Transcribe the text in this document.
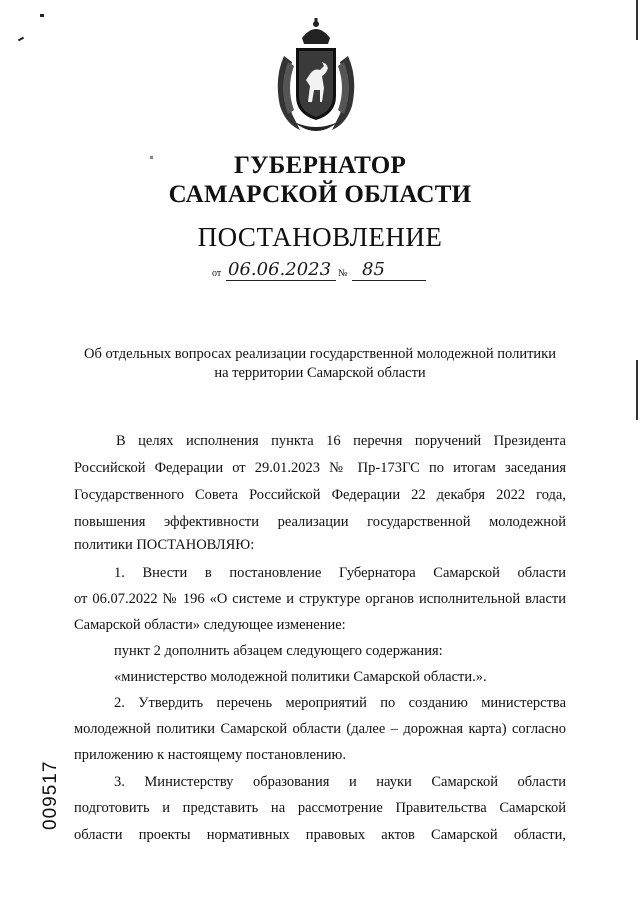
ГУБЕРНАТОР
САМАРСКОЙ ОБЛАСТИ
ПОСТАНОВЛЕНИЕ
от 06.06.2023 № 85
Об отдельных вопросах реализации государственной молодежной политики
на территории Самарской области
В целях исполнения пункта 16 перечня поручений Президента
Российской Федерации от 29.01.2023 № Пр-173ГС по итогам заседания
Государственного Совета Российской Федерации 22 декабря 2022 года,
повышения эффективности реализации государственной молодежной
политики ПОСТАНОВЛЯЮ:
1. Внести в постановление Губернатора Самарской области
от 06.07.2022 № 196 «О системе и структуре органов исполнительной власти
Самарской области» следующее изменение:
пункт 2 дополнить абзацем следующего содержания:
«министерство молодежной политики Самарской области.».
2. Утвердить перечень мероприятий по созданию министерства
молодежной политики Самарской области (далее – дорожная карта) согласно
приложению к настоящему постановлению.
3. Министерству образования и науки Самарской области
подготовить и представить на рассмотрение Правительства Самарской
области проекты нормативных правовых актов Самарской области,
009517
